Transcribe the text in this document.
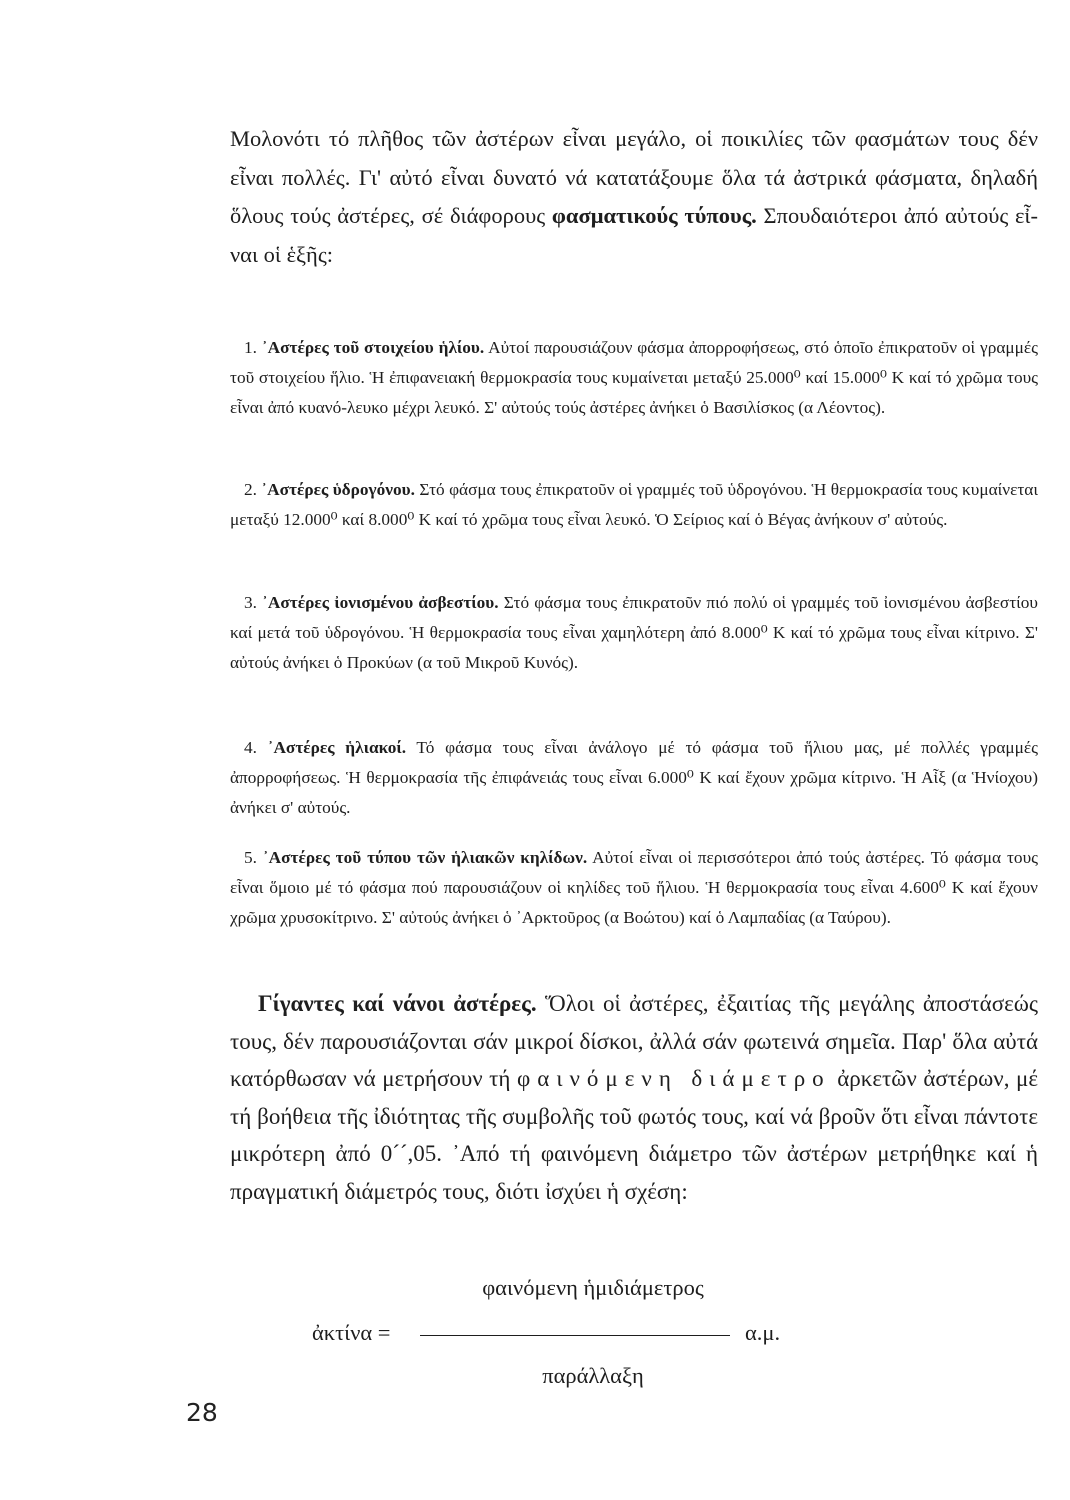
Μολονότι τό πλῆθος τῶν ἀστέρων εἶναι μεγάλο, οἱ ποικιλίες τῶν φασμάτων τους δέν εἶναι πολλές. Γι' αὐτό εἶναι δυνατό νά κατατάξουμε ὅλα τά ἀστρικά φάσματα, δηλαδή ὅλους τούς ἀστέρες, σέ διάφορους φασματικούς τύπους. Σπουδαιότεροι ἀπό αὐτούς εἶ-ναι οἱ ἑξῆς:

1. ᾿Αστέρες τοῦ στοιχείου ἡλίου. Αὐτοί παρουσιάζουν φάσμα ἀπορροφήσεως, στό ὁποῖο ἐπικρατοῦν οἱ γραμμές τοῦ στοιχείου ἥλιο. Ἡ ἐπιφανειακή θερμοκρασία τους κυμαίνεται μεταξύ 25.000⁰ καί 15.000⁰ Κ καί τό χρῶμα τους εἶναι ἀπό κυανό-λευκο μέχρι λευκό. Σ' αὐτούς τούς ἀστέρες ἀνήκει ὁ Βασιλίσκος (α Λέοντος).

2. ᾿Αστέρες ὑδρογόνου. Στό φάσμα τους ἐπικρατοῦν οἱ γραμμές τοῦ ὑδρογόνου. Ἡ θερμοκρασία τους κυμαίνεται μεταξύ 12.000⁰ καί 8.000⁰ Κ καί τό χρῶμα τους εἶναι λευκό. Ὁ Σείριος καί ὁ Βέγας ἀνήκουν σ' αὐτούς.

3. ᾿Αστέρες ἰονισμένου ἀσβεστίου. Στό φάσμα τους ἐπικρατοῦν πιό πολύ οἱ γραμμές τοῦ ἰονισμένου ἀσβεστίου καί μετά τοῦ ὑδρογόνου. Ἡ θερμοκρασία τους εἶναι χαμηλότερη ἀπό 8.000⁰ Κ καί τό χρῶμα τους εἶναι κίτρινο. Σ' αὐτούς ἀνήκει ὁ Προκύων (α τοῦ Μικροῦ Κυνός).

4. ᾿Αστέρες ἡλιακοί. Τό φάσμα τους εἶναι ἀνάλογο μέ τό φάσμα τοῦ ἥλιου μας, μέ πολλές γραμμές ἀπορροφήσεως. Ἡ θερμοκρασία τῆς ἐπιφάνειάς τους εἶναι 6.000⁰ Κ καί ἔχουν χρῶμα κίτρινο. Ἡ Αἶξ (α Ἡνίοχου) ἀνήκει σ' αὐτούς.

5. ᾿Αστέρες τοῦ τύπου τῶν ἡλιακῶν κηλίδων. Αὐτοί εἶναι οἱ περισσότεροι ἀπό τούς ἀστέρες. Τό φάσμα τους εἶναι ὅμοιο μέ τό φάσμα πού παρουσιάζουν οἱ κηλίδες τοῦ ἥλιου. Ἡ θερμοκρασία τους εἶναι 4.600⁰ Κ καί ἔχουν χρῶμα χρυσοκίτρινο. Σ' αὐτούς ἀνήκει ὁ ᾿Αρκτοῦρος (α Βοώτου) καί ὁ Λαμπαδίας (α Ταύρου).

Γίγαντες καί νάνοι ἀστέρες. Ὅλοι οἱ ἀστέρες, ἐξαιτίας τῆς μεγάλης ἀποστάσεώς τους, δέν παρουσιάζονται σάν μικροί δίσκοι, ἀλλά σάν φωτεινά σημεῖα. Παρ' ὅλα αὐτά κατόρθωσαν νά μετρήσουν τή φαινόμενη διάμετρο ἀρκετῶν ἀστέρων, μέ τή βοήθεια τῆς ἰδιότητας τῆς συμβολῆς τοῦ φωτός τους, καί νά βροῦν ὅτι εἶναι πάντοτε μικρότερη ἀπό 0´´,05. ᾿Από τή φαινόμενη διάμετρο τῶν ἀστέρων μετρήθηκε καί ἡ πραγματική διάμετρός τους, διότι ἰσχύει ἡ σχέση:

φαινόμενη ἡμιδιάμετρος
ἀκτίνα =	α.μ.
παράλλαξη
28
